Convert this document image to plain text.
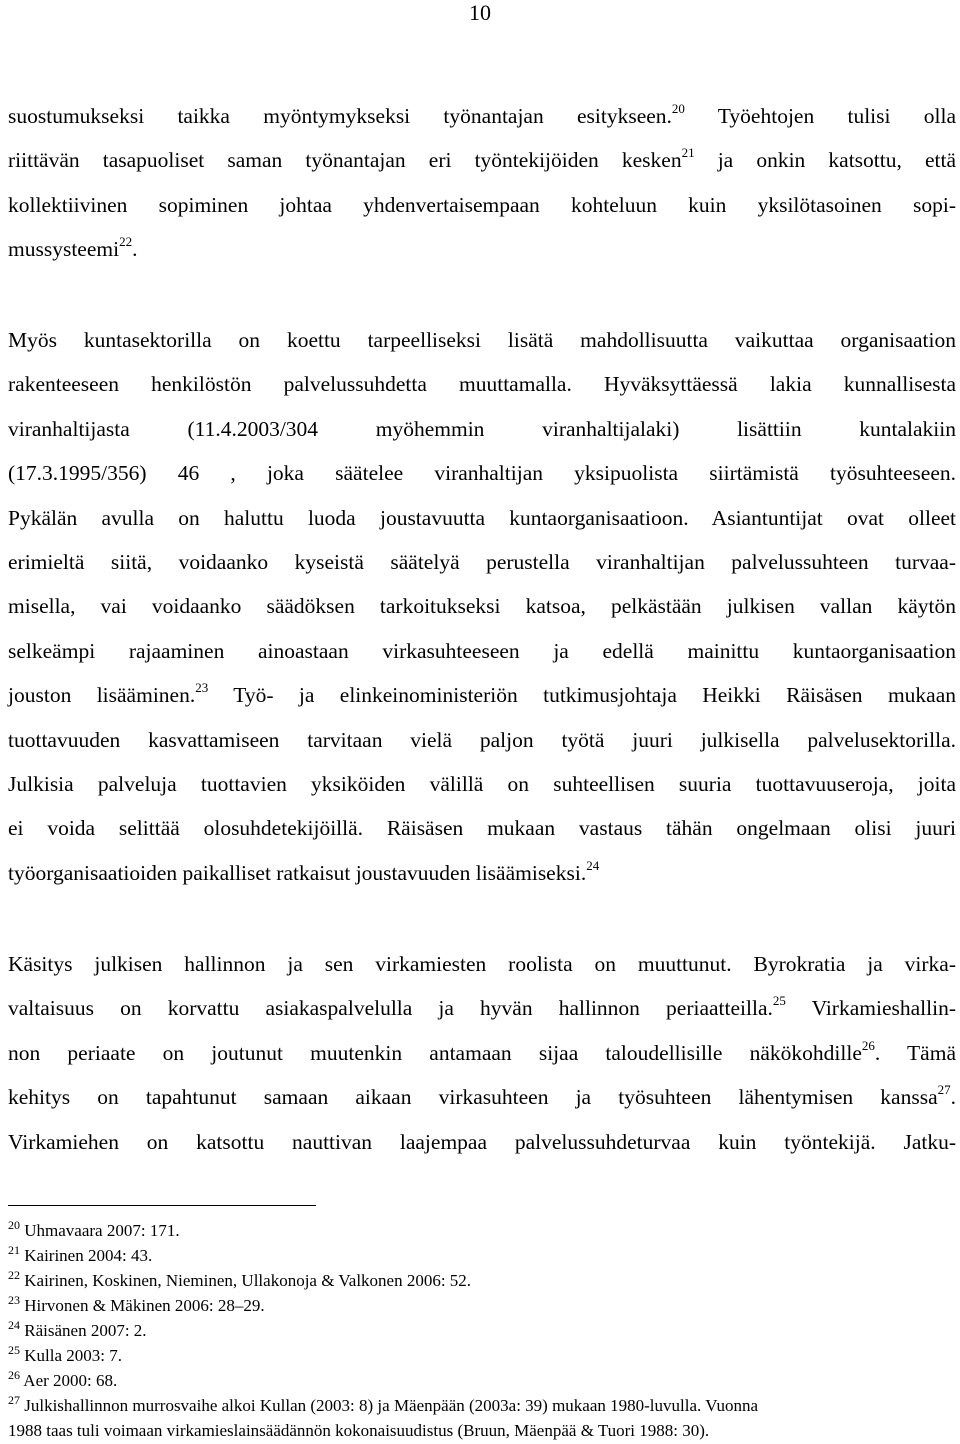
10
suostumukseksi taikka myöntymykseksi työnantajan esitykseen.$^{20}$ Työehtojen tulisi olla
riittävän tasapuoliset saman työnantajan eri työntekijöiden kesken$^{21}$ ja onkin katsottu, että
kollektiivinen sopiminen johtaa yhdenvertaisempaan kohteluun kuin yksilötasoinen sopi-
mussysteemi$^{22}$.
Myös kuntasektorilla on koettu tarpeelliseksi lisätä mahdollisuutta vaikuttaa organisaation
rakenteeseen henkilöstön palvelussuhdetta muuttamalla. Hyväksyttäessä lakia kunnallisesta
viranhaltijasta (11.4.2003/304 myöhemmin viranhaltijalaki) lisättiin kuntalakiin
(17.3.1995/356) 46 , joka säätelee viranhaltijan yksipuolista siirtämistä työsuhteeseen.
Pykälän avulla on haluttu luoda joustavuutta kuntaorganisaatioon. Asiantuntijat ovat olleet
erimieltä siitä, voidaanko kyseistä säätelyä perustella viranhaltijan palvelussuhteen turvaa-
misella, vai voidaanko säädöksen tarkoitukseksi katsoa, pelkästään julkisen vallan käytön
selkeämpi rajaaminen ainoastaan virkasuhteeseen ja edellä mainittu kuntaorganisaation
jouston lisääminen.$^{23}$ Työ- ja elinkeinoministeriön tutkimusjohtaja Heikki Räisäsen mukaan
tuottavuuden kasvattamiseen tarvitaan vielä paljon työtä juuri julkisella palvelusektorilla.
Julkisia palveluja tuottavien yksiköiden välillä on suhteellisen suuria tuottavuuseroja, joita
ei voida selittää olosuhdetekijöillä. Räisäsen mukaan vastaus tähän ongelmaan olisi juuri
työorganisaatioiden paikalliset ratkaisut joustavuuden lisäämiseksi.$^{24}$
Käsitys julkisen hallinnon ja sen virkamiesten roolista on muuttunut. Byrokratia ja virka-
valtaisuus on korvattu asiakaspalvelulla ja hyvän hallinnon periaatteilla.$^{25}$ Virkamieshallin-
non periaate on joutunut muutenkin antamaan sijaa taloudellisille näkökohdille$^{26}$. Tämä
kehitys on tapahtunut samaan aikaan virkasuhteen ja työsuhteen lähentymisen kanssa$^{27}$.
Virkamiehen on katsottu nauttivan laajempaa palvelussuhdeturvaa kuin työntekijä. Jatku-
$^{20}$ Uhmavaara 2007: 171.
$^{21}$ Kairinen 2004: 43.
$^{22}$ Kairinen, Koskinen, Nieminen, Ullakonoja & Valkonen 2006: 52.
$^{23}$ Hirvonen & Mäkinen 2006: 28–29.
$^{24}$ Räisänen 2007: 2.
$^{25}$ Kulla 2003: 7.
$^{26}$ Aer 2000: 68.
$^{27}$ Julkishallinnon murrosvaihe alkoi Kullan (2003: 8) ja Mäenpään (2003a: 39) mukaan 1980-luvulla. Vuonna
1988 taas tuli voimaan virkamieslainsäädännön kokonaisuudistus (Bruun, Mäenpää & Tuori 1988: 30).
